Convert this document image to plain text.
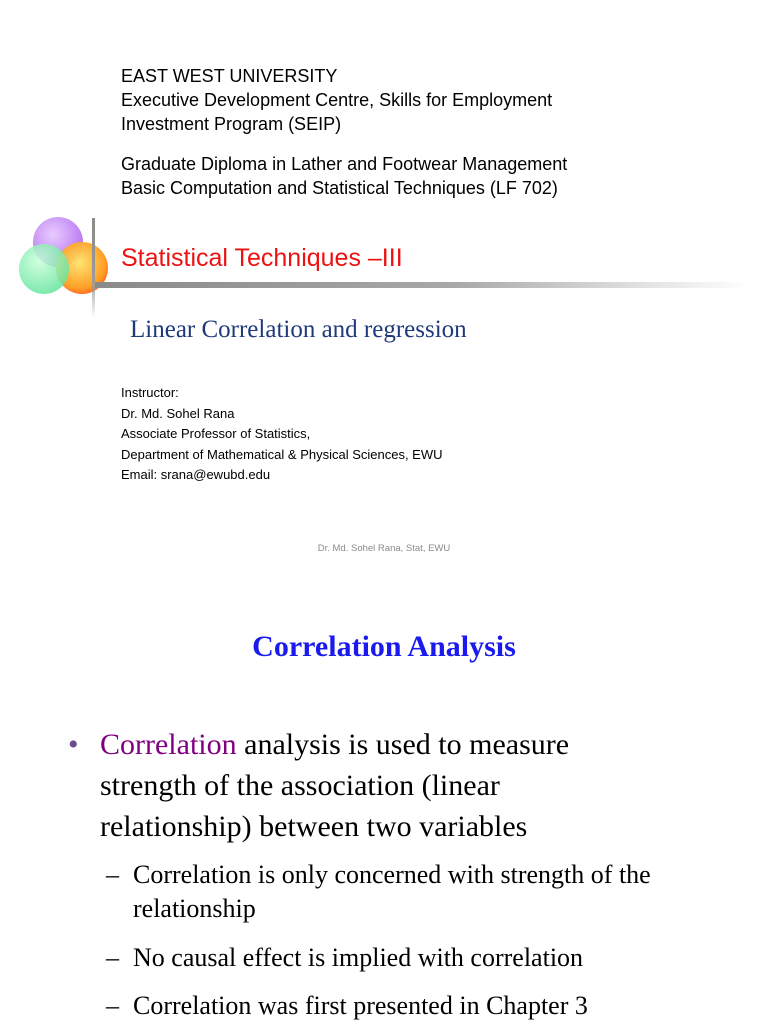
EAST WEST UNIVERSITY
Executive Development Centre, Skills for Employment
Investment Program (SEIP)
Graduate Diploma in Lather and Footwear Management
Basic Computation and Statistical Techniques (LF 702)
Statistical Techniques –III
Linear Correlation and regression
Instructor:
Dr. Md. Sohel Rana
Associate Professor of Statistics,
Department of Mathematical & Physical Sciences, EWU
Email: srana@ewubd.edu
Dr. Md. Sohel Rana, Stat, EWU
Correlation Analysis
• Correlation analysis is used to measure
strength of the association (linear
relationship) between two variables
– Correlation is only concerned with strength of the
relationship
– No causal effect is implied with correlation
– Correlation was first presented in Chapter 3
